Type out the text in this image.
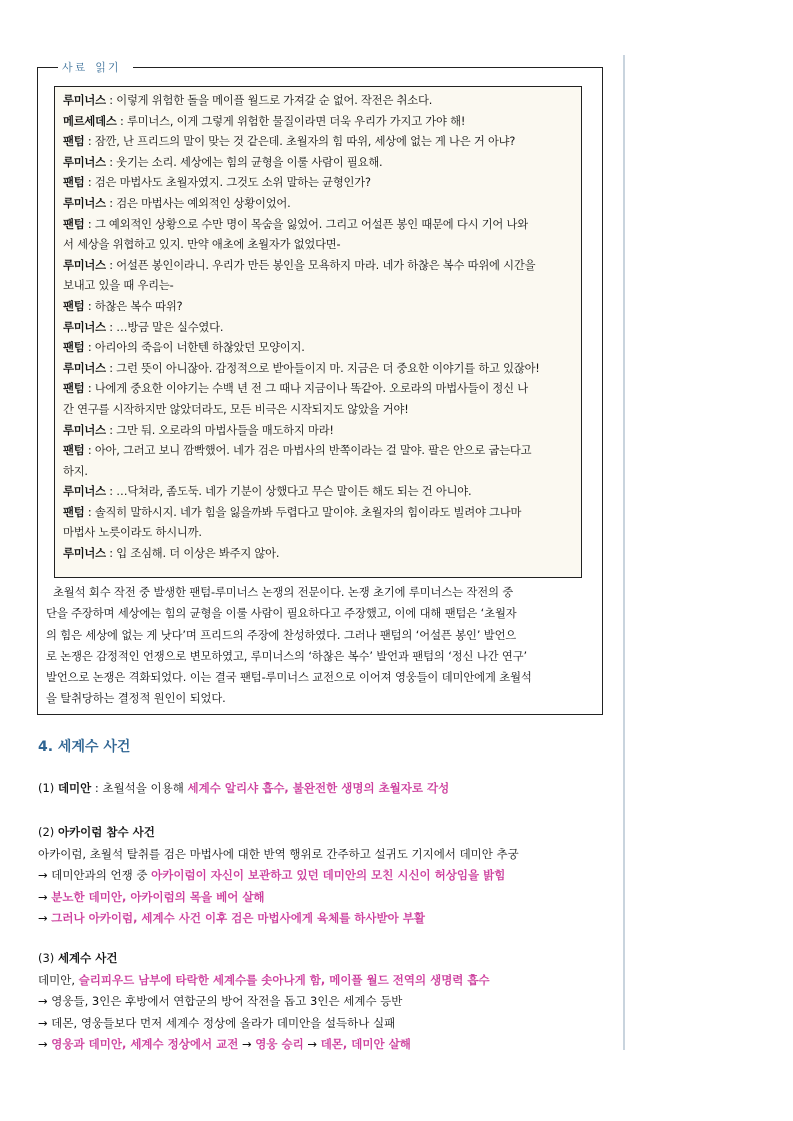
사료 읽기
루미너스 : 이렇게 위험한 돌을 메이플 월드로 가져갈 순 없어. 작전은 취소다.
메르세데스 : 루미너스, 이게 그렇게 위험한 물질이라면 더욱 우리가 가지고 가야 해!
팬텀 : 잠깐, 난 프리드의 말이 맞는 것 같은데. 초월자의 힘 따위, 세상에 없는 게 나은 거 아냐?
루미너스 : 웃기는 소리. 세상에는 힘의 균형을 이룰 사람이 필요해.
팬텀 : 검은 마법사도 초월자였지. 그것도 소위 말하는 균형인가?
루미너스 : 검은 마법사는 예외적인 상황이었어.
팬텀 : 그 예외적인 상황으로 수만 명이 목숨을 잃었어. 그리고 어설픈 봉인 때문에 다시 기어 나와
서 세상을 위협하고 있지. 만약 애초에 초월자가 없었다면-
루미너스 : 어설픈 봉인이라니. 우리가 만든 봉인을 모욕하지 마라. 네가 하찮은 복수 따위에 시간을
보내고 있을 때 우리는-
팬텀 : 하찮은 복수 따위?
루미너스 : …방금 말은 실수였다.
팬텀 : 아리아의 죽음이 너한텐 하찮았던 모양이지.
루미너스 : 그런 뜻이 아니잖아. 감정적으로 받아들이지 마. 지금은 더 중요한 이야기를 하고 있잖아!
팬텀 : 나에게 중요한 이야기는 수백 년 전 그 때나 지금이나 똑같아. 오로라의 마법사들이 정신 나
간 연구를 시작하지만 않았더라도, 모든 비극은 시작되지도 않았을 거야!
루미너스 : 그만 둬. 오로라의 마법사들을 매도하지 마라!
팬텀 : 아아, 그러고 보니 깜빡했어. 네가 검은 마법사의 반쪽이라는 걸 말야. 팔은 안으로 굽는다고
하지.
루미너스 : …닥쳐라, 좀도둑. 네가 기분이 상했다고 무슨 말이든 해도 되는 건 아니야.
팬텀 : 솔직히 말하시지. 네가 힘을 잃을까봐 두렵다고 말이야. 초월자의 힘이라도 빌려야 그나마
마법사 노릇이라도 하시니까.
루미너스 : 입 조심해. 더 이상은 봐주지 않아.
초월석 회수 작전 중 발생한 팬텀-루미너스 논쟁의 전문이다. 논쟁 초기에 루미너스는 작전의 중
단을 주장하며 세상에는 힘의 균형을 이룰 사람이 필요하다고 주장했고, 이에 대해 팬텀은 ‘초월자
의 힘은 세상에 없는 게 낫다’며 프리드의 주장에 찬성하였다. 그러나 팬텀의 ‘어설픈 봉인’ 발언으
로 논쟁은 감정적인 언쟁으로 변모하였고, 루미너스의 ‘하찮은 복수’ 발언과 팬텀의 ‘정신 나간 연구’
발언으로 논쟁은 격화되었다. 이는 결국 팬텀-루미너스 교전으로 이어져 영웅들이 데미안에게 초월석
을 탈취당하는 결정적 원인이 되었다.
4. 세계수 사건
(1) 데미안 : 초월석을 이용해 세계수 알리샤 흡수, 불완전한 생명의 초월자로 각성
(2) 아카이럼 참수 사건
아카이럼, 초월석 탈취를 검은 마법사에 대한 반역 행위로 간주하고 설귀도 기지에서 데미안 추궁
→ 데미안과의 언쟁 중 아카이럼이 자신이 보관하고 있던 데미안의 모친 시신이 허상임을 밝힘
→ 분노한 데미안, 아카이럼의 목을 베어 살해
→ 그러나 아카이럼, 세계수 사건 이후 검은 마법사에게 육체를 하사받아 부활
(3) 세계수 사건
데미안, 슬리피우드 남부에 타락한 세계수를 솟아나게 함, 메이플 월드 전역의 생명력 흡수
→ 영웅들, 3인은 후방에서 연합군의 방어 작전을 돕고 3인은 세계수 등반
→ 데몬, 영웅들보다 먼저 세계수 정상에 올라가 데미안을 설득하나 실패
→ 영웅과 데미안, 세계수 정상에서 교전 → 영웅 승리 → 데몬, 데미안 살해
